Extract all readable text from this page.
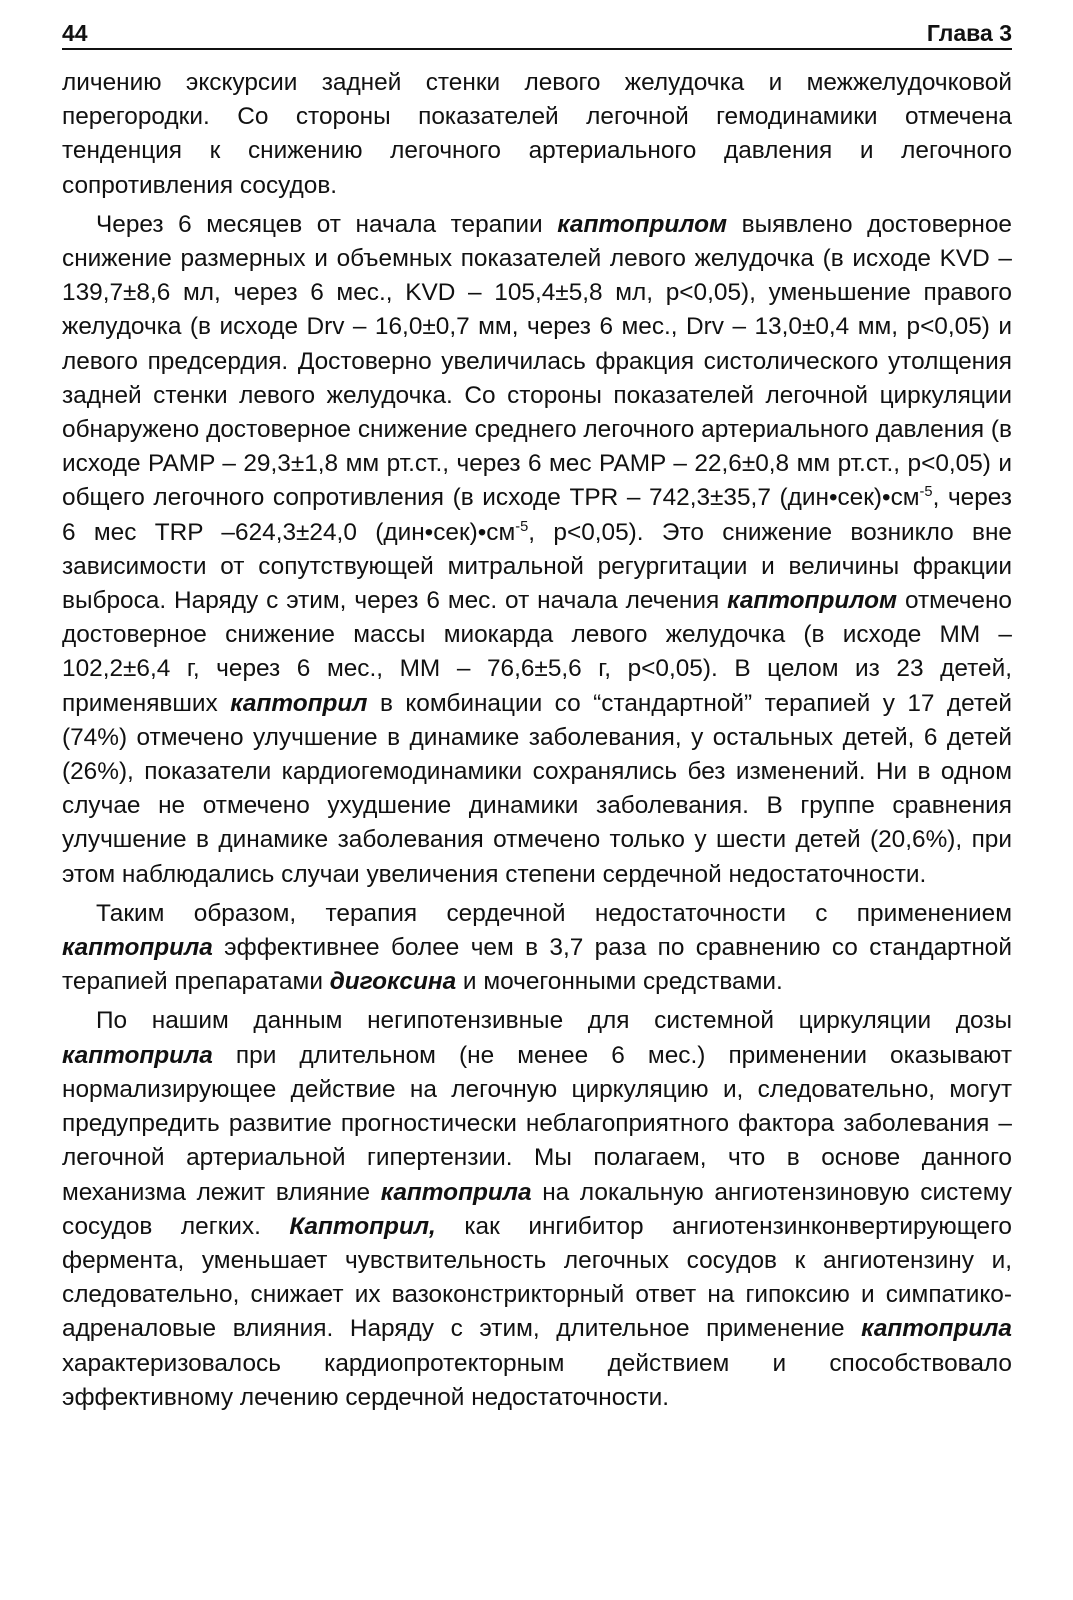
44	Глава 3

личению экскурсии задней стенки левого желудочка и межжелудочковой перегородки. Со стороны показателей легочной гемодинамики отмечена тенденция к снижению легочного артериального давления и легочного сопротивления сосудов.

Через 6 месяцев от начала терапии каптоприлом выявлено достоверное снижение размерных и объемных показателей левого желудочка (в исходе KVD – 139,7±8,6 мл, через 6 мес., KVD – 105,4±5,8 мл, p<0,05), уменьшение правого желудочка (в исходе Drv – 16,0±0,7 мм, через 6 мес., Drv – 13,0±0,4 мм, p<0,05) и левого предсердия. Достоверно увеличилась фракция систолического утолщения задней стенки левого желудочка. Со стороны показателей легочной циркуляции обнаружено достоверное снижение среднего легочного артериального давления (в исходе PAMP – 29,3±1,8 мм рт.ст., через 6 мес PAMP – 22,6±0,8 мм рт.ст., p<0,05) и общего легочного сопротивления (в исходе TPR – 742,3±35,7 $(дин•сек)•см^{-5}$, через 6 мес TRP –624,3±24,0 $(дин•сек)•см^{-5}$, p<0,05). Это снижение возникло вне зависимости от сопутствующей митральной регургитации и величины фракции выброса. Наряду с этим, через 6 мес. от начала лечения каптоприлом отмечено достоверное снижение массы миокарда левого желудочка (в исходе MM – 102,2±6,4 г, через 6 мес., MM – 76,6±5,6 г, p<0,05). В целом из 23 детей, применявших каптоприл в комбинации со “стандартной” терапией у 17 детей (74%) отмечено улучшение в динамике заболевания, у остальных детей, 6 детей (26%), показатели кардиогемодинамики сохранялись без изменений. Ни в одном случае не отмечено ухудшение динамики заболевания. В группе сравнения улучшение в динамике заболевания отмечено только у шести детей (20,6%), при этом наблюдались случаи увеличения степени сердечной недостаточности.

Таким образом, терапия сердечной недостаточности с применением каптоприла эффективнее более чем в 3,7 раза по сравнению со стандартной терапией препаратами дигоксина и мочегонными средствами.

По нашим данным негипотензивные для системной циркуляции дозы каптоприла при длительном (не менее 6 мес.) применении оказывают нормализирующее действие на легочную циркуляцию и, следовательно, могут предупредить развитие прогностически неблагоприятного фактора заболевания – легочной артериальной гипертензии. Мы полагаем, что в основе данного механизма лежит влияние каптоприла на локальную ангиотензиновую систему сосудов легких. Каптоприл, как ингибитор ангиотензинконвертирующего фермента, уменьшает чувствительность легочных сосудов к ангиотензину и, следовательно, снижает их вазоконстрикторный ответ на гипоксию и симпатико-адреналовые влияния. Наряду с этим, длительное применение каптоприла характеризовалось кардиопротекторным действием и способствовало эффективному лечению сердечной недостаточности.
